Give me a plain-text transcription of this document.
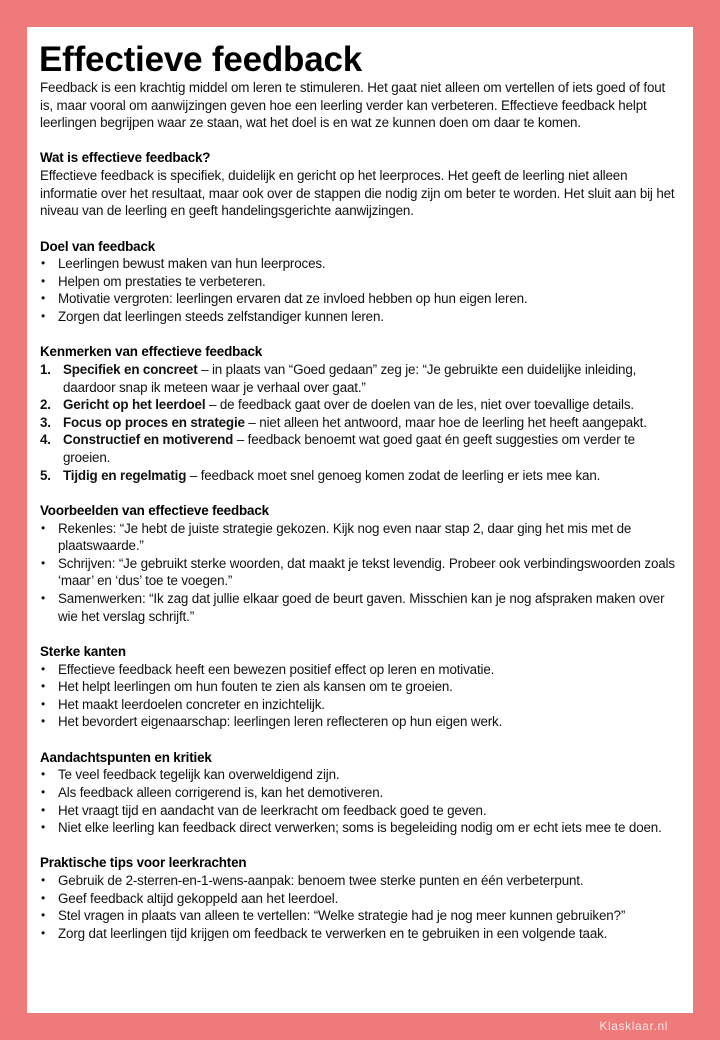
Effectieve feedback

Feedback is een krachtig middel om leren te stimuleren. Het gaat niet alleen om vertellen of iets goed of fout is, maar vooral om aanwijzingen geven hoe een leerling verder kan verbeteren. Effectieve feedback helpt leerlingen begrijpen waar ze staan, wat het doel is en wat ze kunnen doen om daar te komen.

Wat is effectieve feedback?

Effectieve feedback is specifiek, duidelijk en gericht op het leerproces. Het geeft de leerling niet alleen informatie over het resultaat, maar ook over de stappen die nodig zijn om beter te worden. Het sluit aan bij het niveau van de leerling en geeft handelingsgerichte aanwijzingen.

Doel van feedback
• Leerlingen bewust maken van hun leerproces.
• Helpen om prestaties te verbeteren.
• Motivatie vergroten: leerlingen ervaren dat ze invloed hebben op hun eigen leren.
• Zorgen dat leerlingen steeds zelfstandiger kunnen leren.
Kenmerken van effectieve feedback
1. Specifiek en concreet – in plaats van “Goed gedaan” zeg je: “Je gebruikte een duidelijke inleiding, daardoor snap ik meteen waar je verhaal over gaat.”
2. Gericht op het leerdoel – de feedback gaat over de doelen van de les, niet over toevallige details.
3. Focus op proces en strategie – niet alleen het antwoord, maar hoe de leerling het heeft aangepakt.
4. Constructief en motiverend – feedback benoemt wat goed gaat én geeft suggesties om verder te groeien.
5. Tijdig en regelmatig – feedback moet snel genoeg komen zodat de leerling er iets mee kan.
Voorbeelden van effectieve feedback
• Rekenles: “Je hebt de juiste strategie gekozen. Kijk nog even naar stap 2, daar ging het mis met de plaatswaarde.”
• Schrijven: “Je gebruikt sterke woorden, dat maakt je tekst levendig. Probeer ook verbindingswoorden zoals ‘maar’ en ‘dus’ toe te voegen.”
• Samenwerken: “Ik zag dat jullie elkaar goed de beurt gaven. Misschien kan je nog afspraken maken over wie het verslag schrijft.”
Sterke kanten
• Effectieve feedback heeft een bewezen positief effect op leren en motivatie.
• Het helpt leerlingen om hun fouten te zien als kansen om te groeien.
• Het maakt leerdoelen concreter en inzichtelijk.
• Het bevordert eigenaarschap: leerlingen leren reflecteren op hun eigen werk.
Aandachtspunten en kritiek
• Te veel feedback tegelijk kan overweldigend zijn.
• Als feedback alleen corrigerend is, kan het demotiveren.
• Het vraagt tijd en aandacht van de leerkracht om feedback goed te geven.
• Niet elke leerling kan feedback direct verwerken; soms is begeleiding nodig om er echt iets mee te doen.
Praktische tips voor leerkrachten
• Gebruik de 2-sterren-en-1-wens-aanpak: benoem twee sterke punten en één verbeterpunt.
• Geef feedback altijd gekoppeld aan het leerdoel.
• Stel vragen in plaats van alleen te vertellen: “Welke strategie had je nog meer kunnen gebruiken?”
• Zorg dat leerlingen tijd krijgen om feedback te verwerken en te gebruiken in een volgende taak.
Klasklaar.nl
